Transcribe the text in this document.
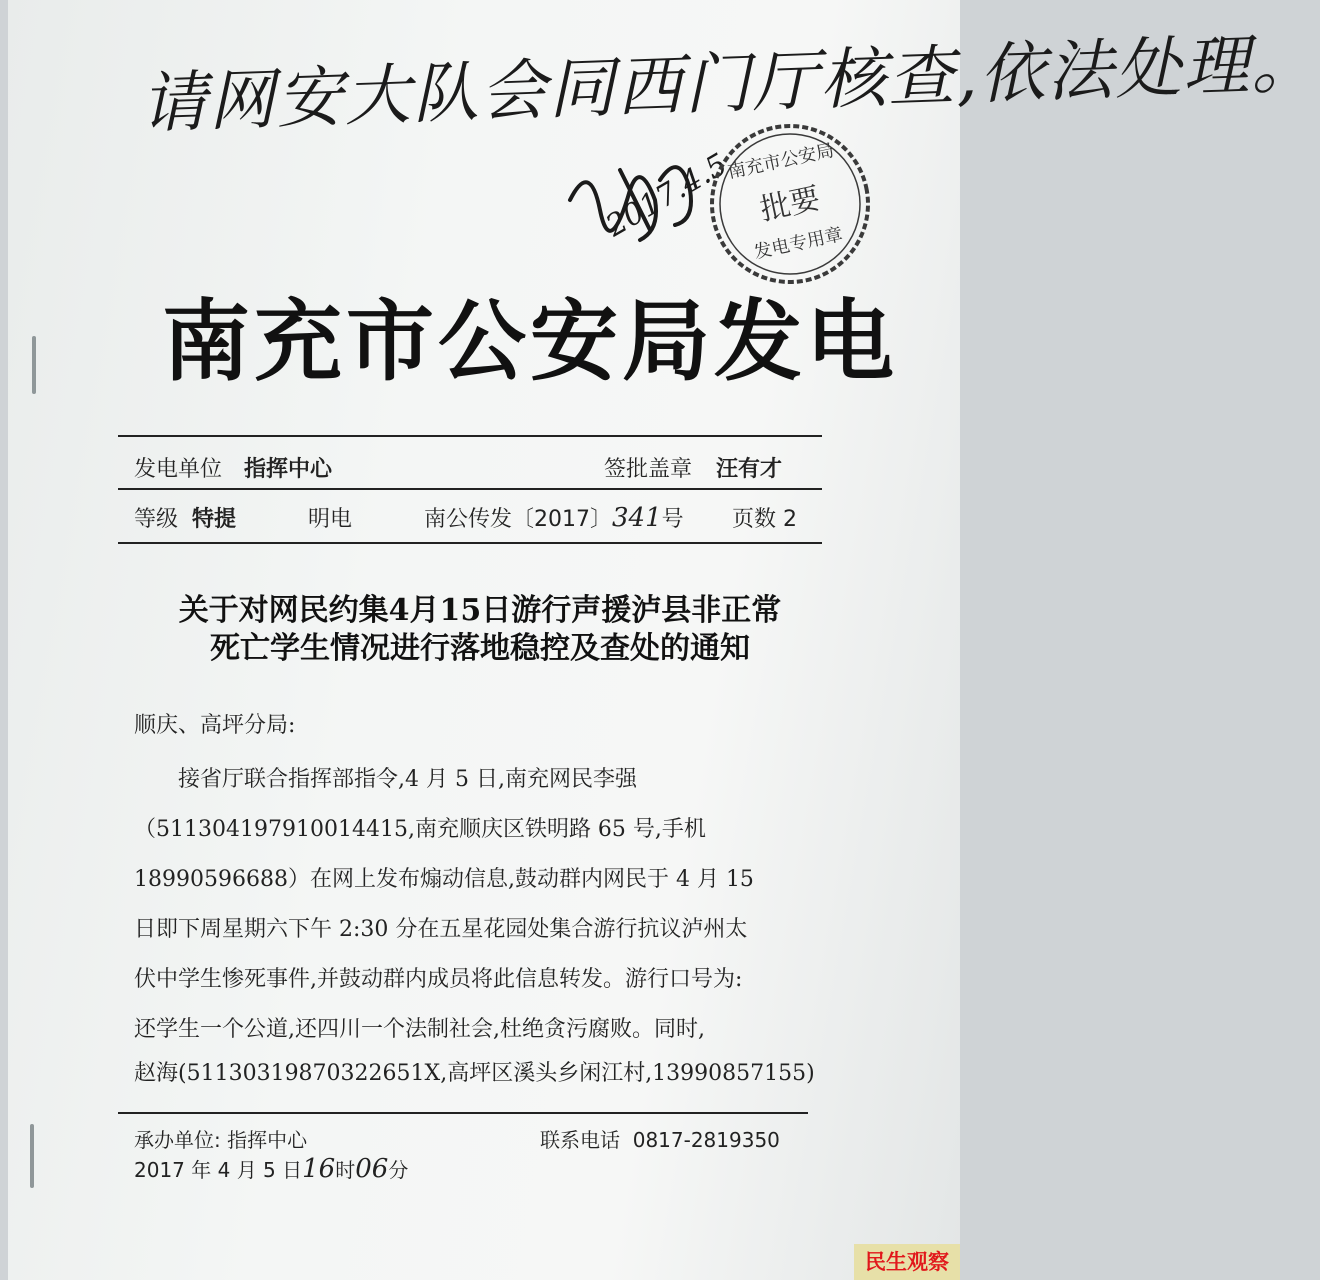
请网安大队会同西门厅核查,依法处理。
2017.4.5
南充市公安局
批要
发电专用章
南充市公安局发电
发电单位 指挥中心	签批盖章 汪有才
等级 特提	明电	南公传发〔2017〕341号 页数 2
关于对网民约集4月15日游行声援泸县非正常
死亡学生情况进行落地稳控及查处的通知
顺庆、高坪分局:
　　接省厅联合指挥部指令,4 月 5 日,南充网民李强
（511304197910014415,南充顺庆区铁明路 65 号,手机
18990596688）在网上发布煽动信息,鼓动群内网民于 4 月 15
日即下周星期六下午 2:30 分在五星花园处集合游行抗议泸州太
伏中学生惨死事件,并鼓动群内成员将此信息转发。游行口号为:
还学生一个公道,还四川一个法制社会,杜绝贪污腐败。同时,
赵海(51130319870322651X,高坪区溪头乡闲江村,13990857155)
承办单位: 指挥中心	联系电话 0817-2819350
2017 年 4 月 5 日16时06分
民生观察
